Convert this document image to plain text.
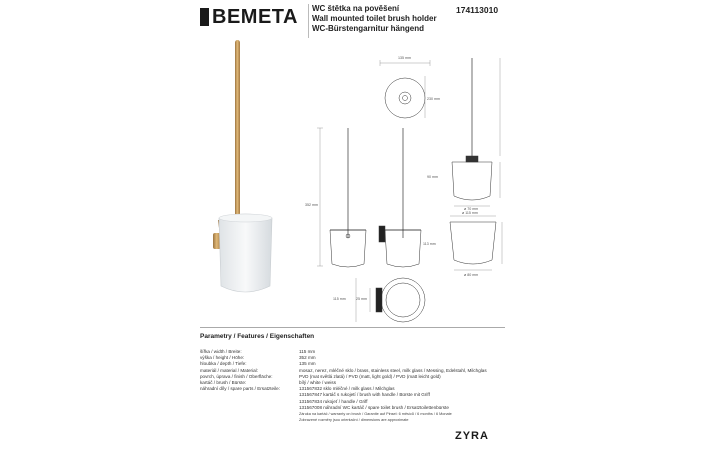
BEMETA WC štětka na pověšení
Wall mounted toilet brush holder
WC-Bürstengarnitur hängend
174113010
135 mm
230 mm
90 mm
ø 70 mm
ø 115 mm
352 mm
113 mm
ø 80 mm
115 mm	25 mm
Parametry / Features / Eigenschaften
šířka / width / Breite:	115 mm
výška / height / Höhe:	352 mm
hloubka / depth / Tiefe:	135 mm
materiál / material / Material:	mosaz, nerez, mléčné sklo / brass, stainless steel, milk glass / Messing, Edelstahl, Milchglas
povrch, úprava / finish / Oberfläche:	PVD (mat světlá zlatá) / PVD (matt, light gold) / PVD (matt leicht gold)
kartáč / brush / Bürste:	bílý / white / weiss
náhradní díly / spare parts / Ersatzteile:	131567832 sklo mléčné / milk glass / Milchglas
131567847 kartáč s rukojetí / brush with handle / Bürste mit Griff
131567834 rukojeť / handle / Griff
131567008 náhradní WC kartáč / spare toilet brush / Ersatztoilettenbürste
Záruka na kartáč / warranty on brush / Garantie auf Pinsel: 6 měsíců / 6 months / 6 Monate
Zobrazené rozměry jsou orientační / dimensions are approximate
ZYRA
